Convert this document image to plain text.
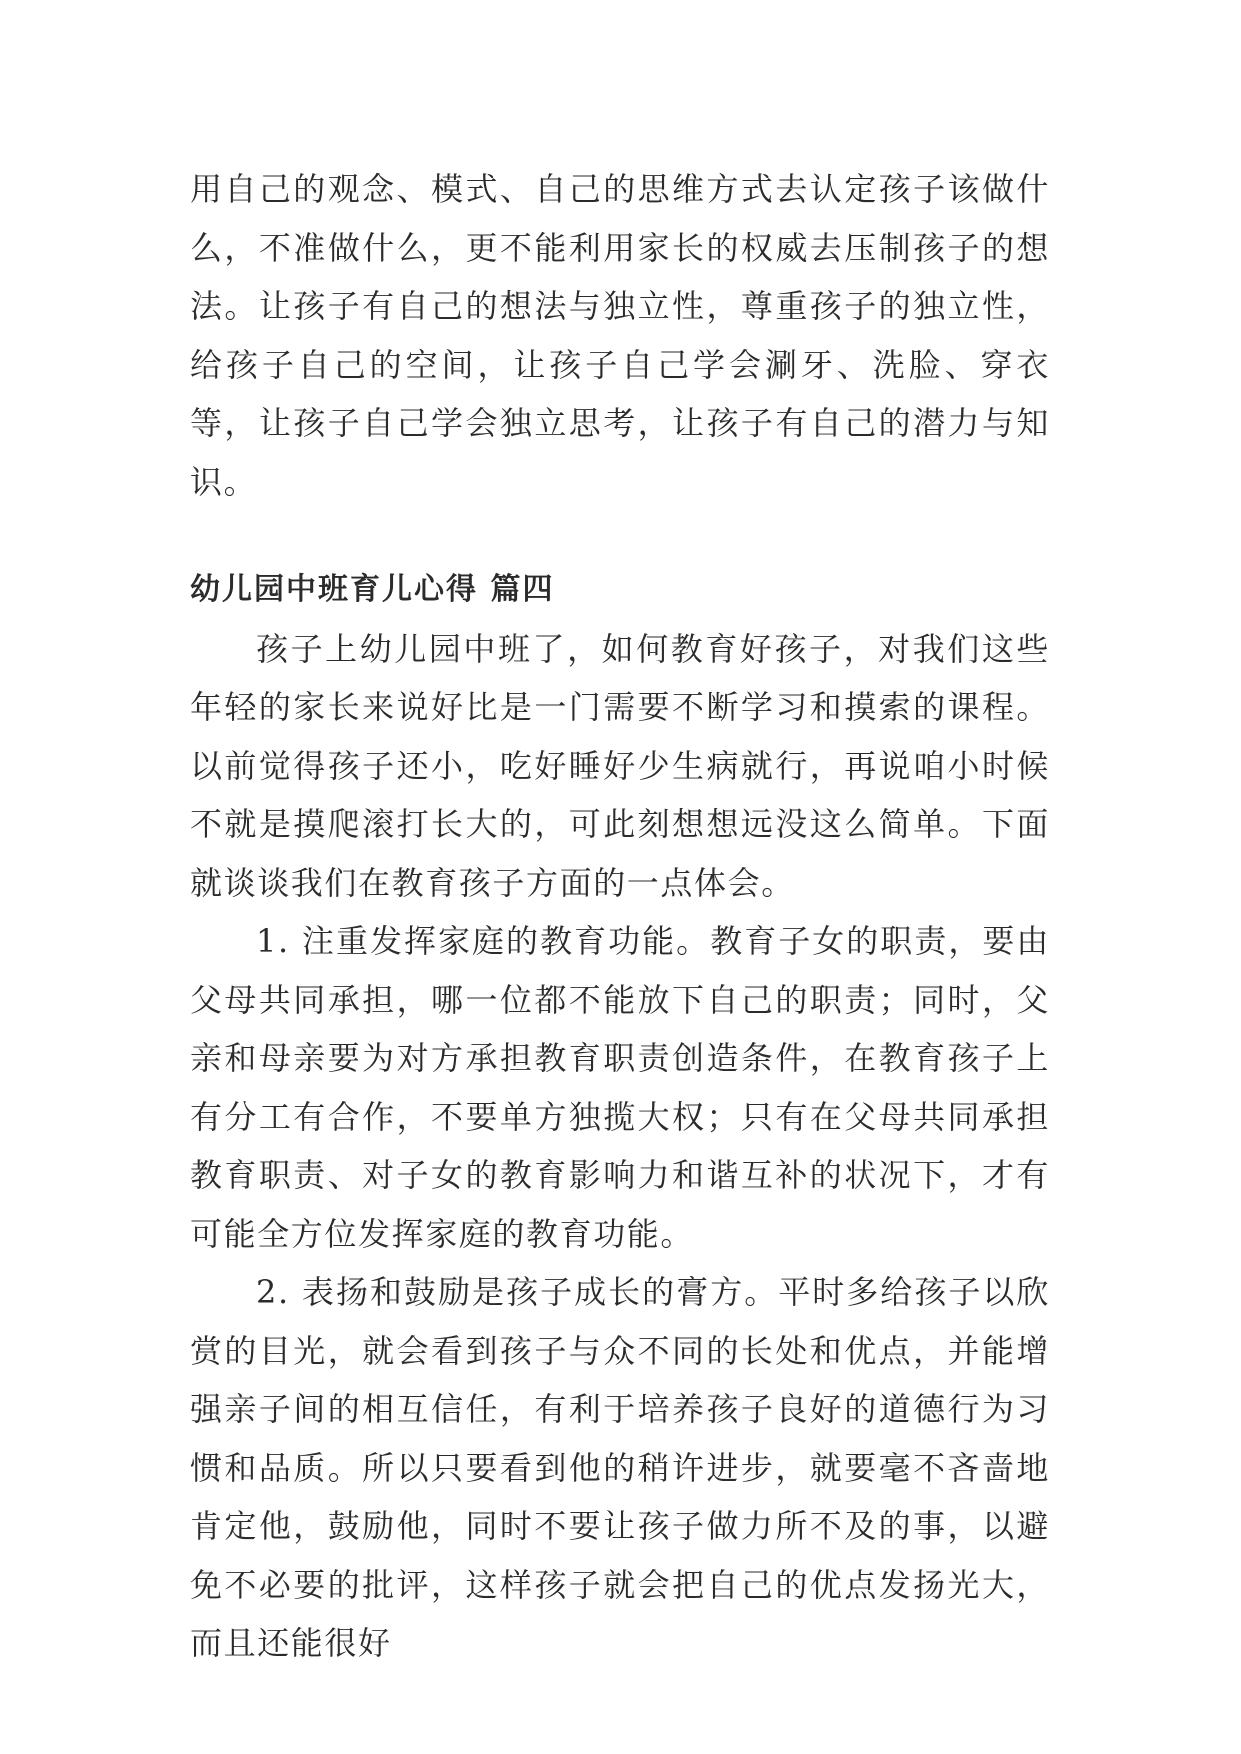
用自己的观念、模式、自己的思维方式去认定孩子该做什么，不准做什么，更不能利用家长的权威去压制孩子的想法。让孩子有自己的想法与独立性，尊重孩子的独立性，给孩子自己的空间，让孩子自己学会涮牙、洗脸、穿衣等，让孩子自己学会独立思考，让孩子有自己的潜力与知识。

幼儿园中班育儿心得 篇四

孩子上幼儿园中班了，如何教育好孩子，对我们这些年轻的家长来说好比是一门需要不断学习和摸索的课程。以前觉得孩子还小，吃好睡好少生病就行，再说咱小时候不就是摸爬滚打长大的，可此刻想想远没这么简单。下面就谈谈我们在教育孩子方面的一点体会。

1. 注重发挥家庭的教育功能。教育子女的职责，要由父母共同承担，哪一位都不能放下自己的职责；同时，父亲和母亲要为对方承担教育职责创造条件，在教育孩子上有分工有合作，不要单方独揽大权；只有在父母共同承担教育职责、对子女的教育影响力和谐互补的状况下，才有可能全方位发挥家庭的教育功能。

2. 表扬和鼓励是孩子成长的膏方。平时多给孩子以欣赏的目光，就会看到孩子与众不同的长处和优点，并能增强亲子间的相互信任，有利于培养孩子良好的道德行为习惯和品质。所以只要看到他的稍许进步，就要毫不吝啬地肯定他，鼓励他，同时不要让孩子做力所不及的事，以避免不必要的批评，这样孩子就会把自己的优点发扬光大，而且还能很好
